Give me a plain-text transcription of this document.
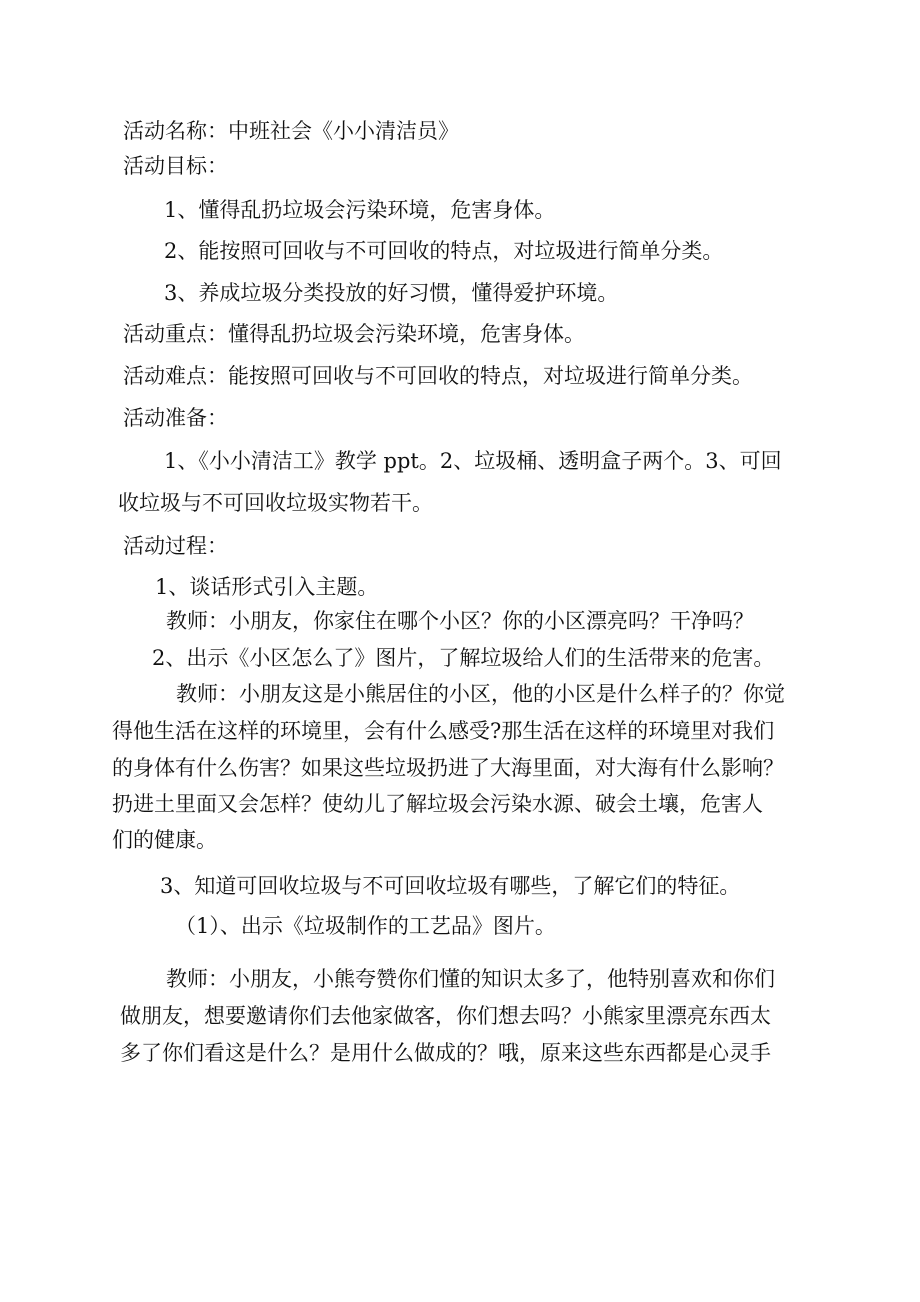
活动名称：中班社会《小小清洁员》

活动目标：

1、懂得乱扔垃圾会污染环境，危害身体。

2、能按照可回收与不可回收的特点，对垃圾进行简单分类。

3、养成垃圾分类投放的好习惯，懂得爱护环境。

活动重点：懂得乱扔垃圾会污染环境，危害身体。

活动难点：能按照可回收与不可回收的特点，对垃圾进行简单分类。

活动准备：

1、《小小清洁工》教学 ppt。2、垃圾桶、透明盒子两个。3、可回

收垃圾与不可回收垃圾实物若干。

活动过程：

1、谈话形式引入主题。

教师：小朋友，你家住在哪个小区？你的小区漂亮吗？干净吗？

2、出示《小区怎么了》图片，了解垃圾给人们的生活带来的危害。

教师：小朋友这是小熊居住的小区，他的小区是什么样子的？你觉

得他生活在这样的环境里，会有什么感受?那生活在这样的环境里对我们

的身体有什么伤害？如果这些垃圾扔进了大海里面，对大海有什么影响？

扔进土里面又会怎样？使幼儿了解垃圾会污染水源、破会土壤，危害人

们的健康。

3、知道可回收垃圾与不可回收垃圾有哪些，了解它们的特征。

（1）、出示《垃圾制作的工艺品》图片。

教师：小朋友，小熊夸赞你们懂的知识太多了，他特别喜欢和你们

做朋友，想要邀请你们去他家做客，你们想去吗？小熊家里漂亮东西太

多了你们看这是什么？是用什么做成的？哦，原来这些东西都是心灵手
